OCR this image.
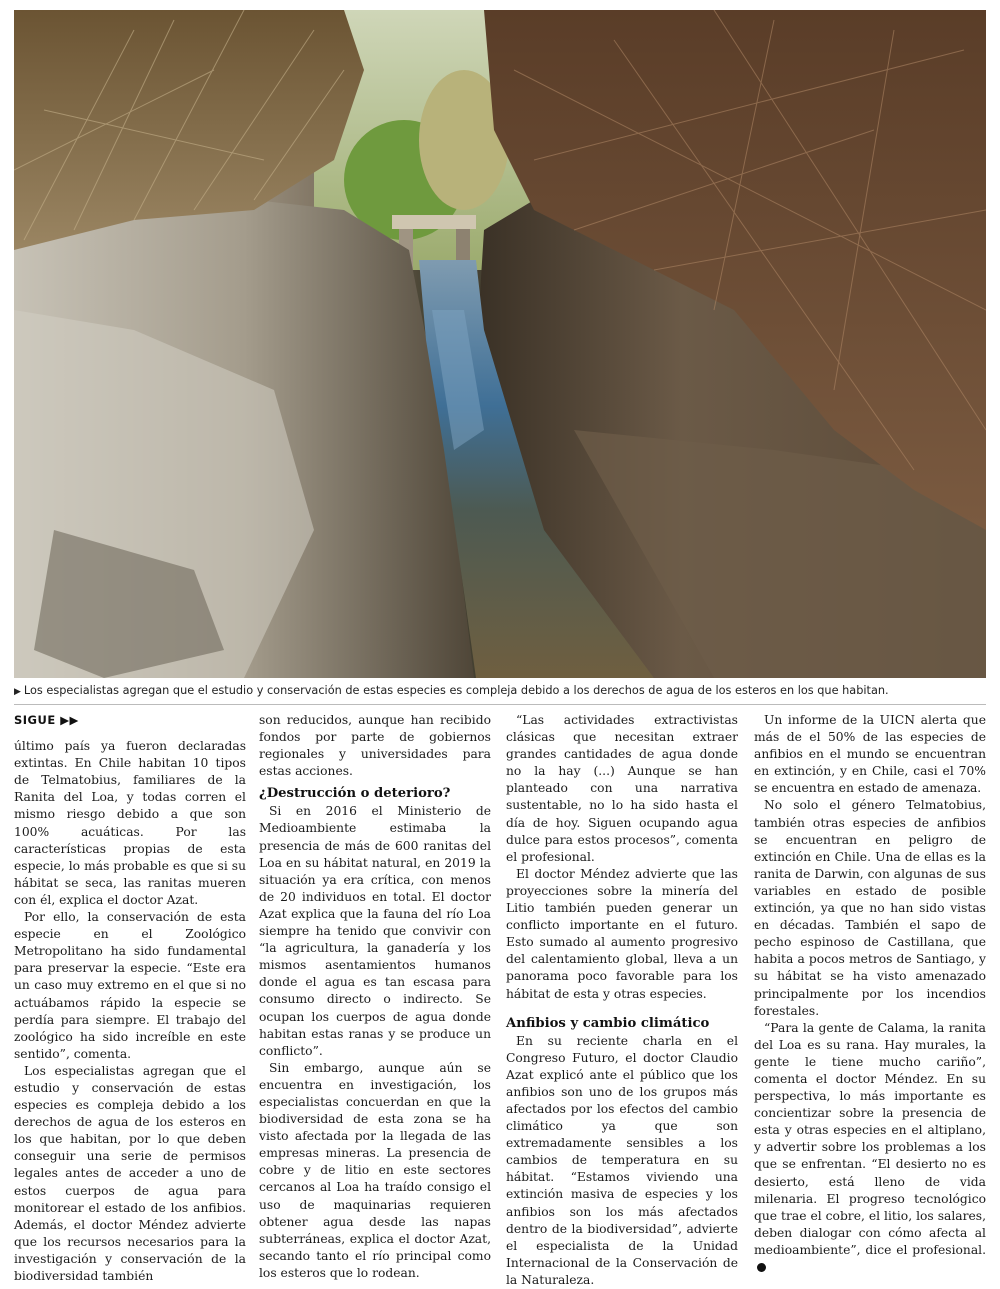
▶ Los especialistas agregan que el estudio y conservación de estas especies es compleja debido a los derechos de agua de los esteros en los que habitan.
SIGUE ▶▶

último país ya fueron declaradas extintas. En Chile habitan 10 tipos de Telmatobius, familiares de la Ranita del Loa, y todas corren el mismo riesgo debido a que son 100% acuáticas. Por las características propias de esta especie, lo más probable es que si su hábitat se seca, las ranitas mueren con él, explica el doctor Azat.

Por ello, la conservación de esta especie en el Zoológico Metropolitano ha sido fundamental para preservar la especie. “Este era un caso muy extremo en el que si no actuábamos rápido la especie se perdía para siempre. El trabajo del zoológico ha sido increíble en este sentido”, comenta.

Los especialistas agregan que el estudio y conservación de estas especies es compleja debido a los derechos de agua de los esteros en los que habitan, por lo que deben conseguir una serie de permisos legales antes de acceder a uno de estos cuerpos de agua para monitorear el estado de los anfibios. Además, el doctor Méndez advierte que los recursos necesarios para la investigación y conservación de la biodiversidad también

son reducidos, aunque han recibido fondos por parte de gobiernos regionales y universidades para estas acciones.

¿Destrucción o deterioro?

Si en 2016 el Ministerio de Medioambiente estimaba la presencia de más de 600 ranitas del Loa en su hábitat natural, en 2019 la situación ya era crítica, con menos de 20 individuos en total. El doctor Azat explica que la fauna del río Loa siempre ha tenido que convivir con “la agricultura, la ganadería y los mismos asentamientos humanos donde el agua es tan escasa para consumo directo o indirecto. Se ocupan los cuerpos de agua donde habitan estas ranas y se produce un conflicto”.

Sin embargo, aunque aún se encuentra en investigación, los especialistas concuerdan en que la biodiversidad de esta zona se ha visto afectada por la llegada de las empresas mineras. La presencia de cobre y de litio en este sectores cercanos al Loa ha traído consigo el uso de maquinarias requieren obtener agua desde las napas subterráneas, explica el doctor Azat, secando tanto el río principal como los esteros que lo rodean.

“Las actividades extractivistas clásicas que necesitan extraer grandes cantidades de agua donde no la hay (...) Aunque se han planteado con una narrativa sustentable, no lo ha sido hasta el día de hoy. Siguen ocupando agua dulce para estos procesos”, comenta el profesional.

El doctor Méndez advierte que las proyecciones sobre la minería del Litio también pueden generar un conflicto importante en el futuro. Esto sumado al aumento progresivo del calentamiento global, lleva a un panorama poco favorable para los hábitat de esta y otras especies.

Anfibios y cambio climático

En su reciente charla en el Congreso Futuro, el doctor Claudio Azat explicó ante el público que los anfibios son uno de los grupos más afectados por los efectos del cambio climático ya que son extremadamente sensibles a los cambios de temperatura en su hábitat. “Estamos viviendo una extinción masiva de especies y los anfibios son los más afectados dentro de la biodiversidad”, advierte el especialista de la Unidad Internacional de la Conservación de la Naturaleza.

Un informe de la UICN alerta que más de el 50% de las especies de anfibios en el mundo se encuentran en extinción, y en Chile, casi el 70% se encuentra en estado de amenaza.

No solo el género Telmatobius, también otras especies de anfibios se encuentran en peligro de extinción en Chile. Una de ellas es la ranita de Darwin, con algunas de sus variables en estado de posible extinción, ya que no han sido vistas en décadas. También el sapo de pecho espinoso de Castillana, que habita a pocos metros de Santiago, y su hábitat se ha visto amenazado principalmente por los incendios forestales.

“Para la gente de Calama, la ranita del Loa es su rana. Hay murales, la gente le tiene mucho cariño”, comenta el doctor Méndez. En su perspectiva, lo más importante es concientizar sobre la presencia de esta y otras especies en el altiplano, y advertir sobre los problemas a los que se enfrentan. “El desierto no es desierto, está lleno de vida milenaria. El progreso tecnológico que trae el cobre, el litio, los salares, deben dialogar con cómo afecta al medioambiente”, dice el profesional.
